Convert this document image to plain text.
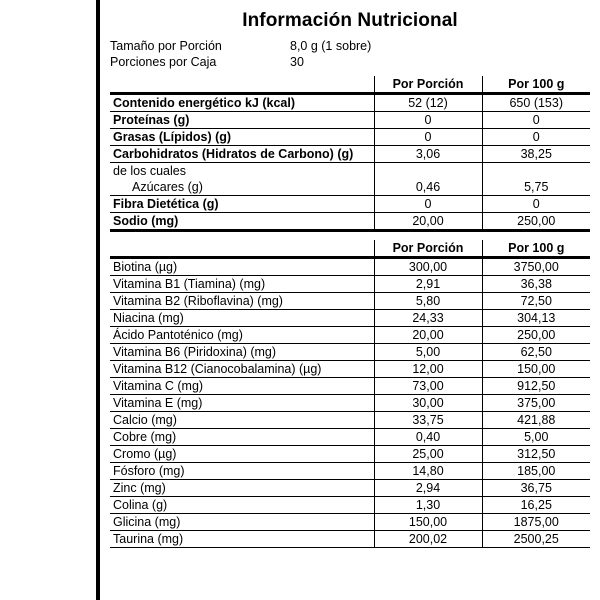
Información Nutricional
Tamaño por Porción	8,0 g (1 sobre)
Porciones por Caja	30
	Por Porción	Por 100 g
Contenido energético kJ (kcal)	52 (12)	650 (153)
Proteínas (g)	0	0
Grasas (Lípidos) (g)	0	0
Carbohidratos (Hidratos de Carbono) (g)	3,06	38,25
de los cuales		
Azúcares (g)	0,46	5,75
Fibra Dietética (g)	0	0
Sodio (mg)	20,00	250,00
	Por Porción	Por 100 g
Biotina (µg)	300,00	3750,00
Vitamina B1 (Tiamina) (mg)	2,91	36,38
Vitamina B2 (Riboflavina) (mg)	5,80	72,50
Niacina (mg)	24,33	304,13
Ácido Pantoténico (mg)	20,00	250,00
Vitamina B6 (Piridoxina) (mg)	5,00	62,50
Vitamina B12 (Cianocobalamina) (µg)	12,00	150,00
Vitamina C (mg)	73,00	912,50
Vitamina E (mg)	30,00	375,00
Calcio (mg)	33,75	421,88
Cobre (mg)	0,40	5,00
Cromo (µg)	25,00	312,50
Fósforo (mg)	14,80	185,00
Zinc (mg)	2,94	36,75
Colina (g)	1,30	16,25
Glicina (mg)	150,00	1875,00
Taurina (mg)	200,02	2500,25
